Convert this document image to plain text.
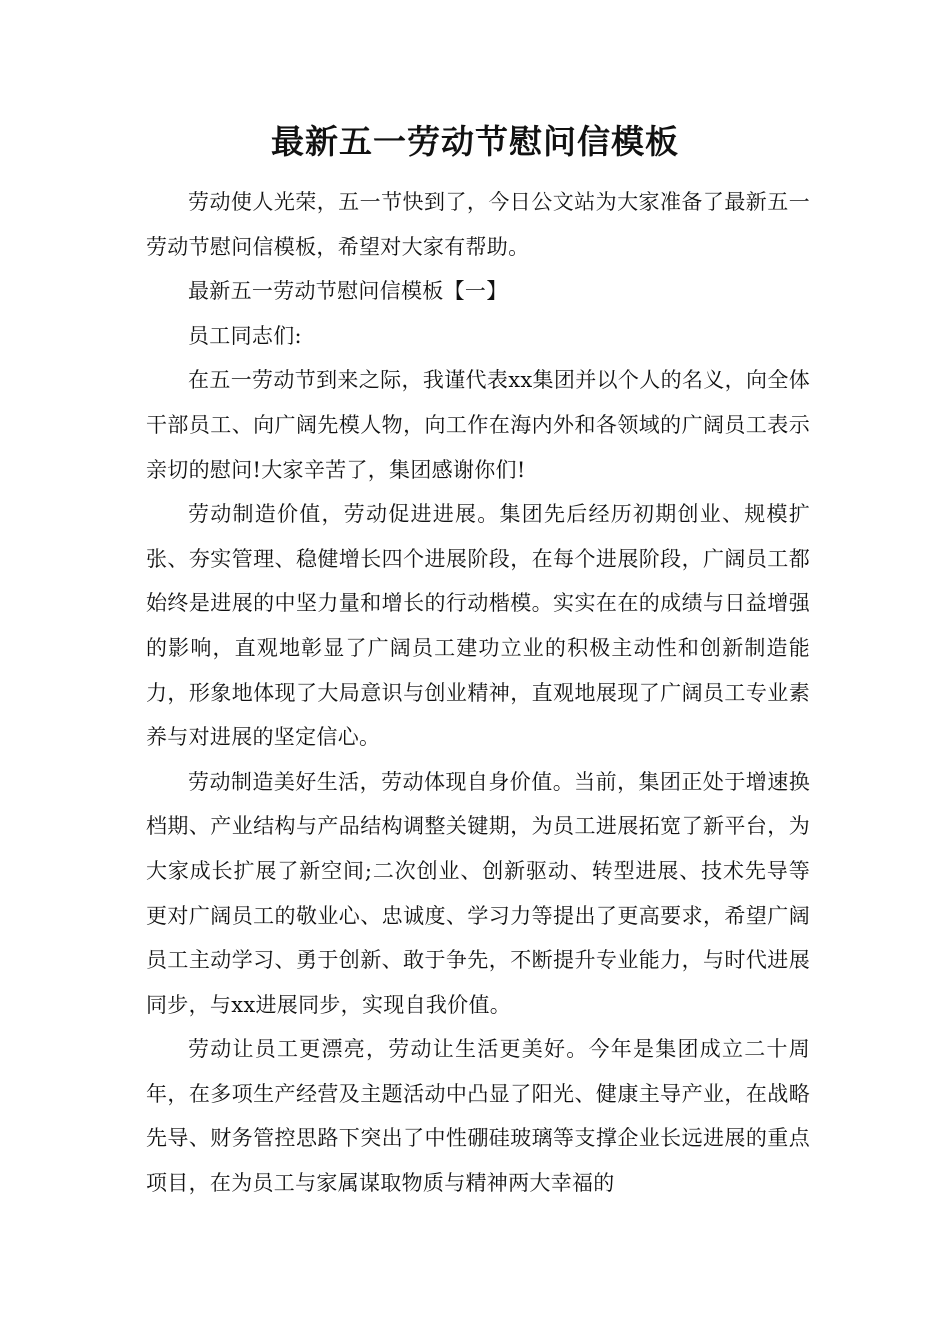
最新五一劳动节慰问信模板

劳动使人光荣，五一节快到了，今日公文站为大家准备了最新五一劳动节慰问信模板，希望对大家有帮助。

最新五一劳动节慰问信模板【一】

员工同志们:

在五一劳动节到来之际，我谨代表xx集团并以个人的名义，向全体干部员工、向广阔先模人物，向工作在海内外和各领域的广阔员工表示亲切的慰问!大家辛苦了，集团感谢你们!

劳动制造价值，劳动促进进展。集团先后经历初期创业、规模扩张、夯实管理、稳健增长四个进展阶段，在每个进展阶段，广阔员工都始终是进展的中坚力量和增长的行动楷模。实实在在的成绩与日益增强的影响，直观地彰显了广阔员工建功立业的积极主动性和创新制造能力，形象地体现了大局意识与创业精神，直观地展现了广阔员工专业素养与对进展的坚定信心。

劳动制造美好生活，劳动体现自身价值。当前，集团正处于增速换档期、产业结构与产品结构调整关键期，为员工进展拓宽了新平台，为大家成长扩展了新空间;二次创业、创新驱动、转型进展、技术先导等更对广阔员工的敬业心、忠诚度、学习力等提出了更高要求，希望广阔员工主动学习、勇于创新、敢于争先，不断提升专业能力，与时代进展同步，与xx进展同步，实现自我价值。

劳动让员工更漂亮，劳动让生活更美好。今年是集团成立二十周年，在多项生产经营及主题活动中凸显了阳光、健康主导产业，在战略先导、财务管控思路下突出了中性硼硅玻璃等支撑企业长远进展的重点项目，在为员工与家属谋取物质与精神两大幸福的
